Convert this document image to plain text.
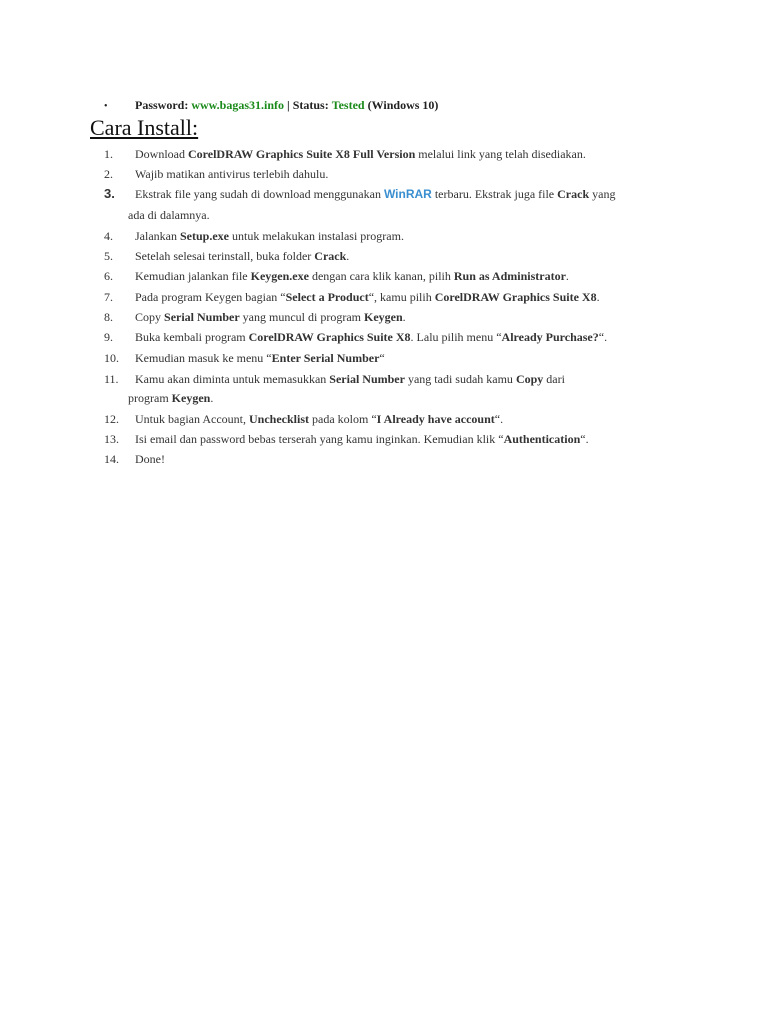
• Password: www.bagas31.info | Status: Tested (Windows 10)
Cara Install:
1. Download CorelDRAW Graphics Suite X8 Full Version melalui link yang telah disediakan.
2. Wajib matikan antivirus terlebih dahulu.
3. Ekstrak file yang sudah di download menggunakan WinRAR terbaru. Ekstrak juga file Crack yang
ada di dalamnya.
4. Jalankan Setup.exe untuk melakukan instalasi program.
5. Setelah selesai terinstall, buka folder Crack.
6. Kemudian jalankan file Keygen.exe dengan cara klik kanan, pilih Run as Administrator.
7. Pada program Keygen bagian “Select a Product“, kamu pilih CorelDRAW Graphics Suite X8.
8. Copy Serial Number yang muncul di program Keygen.
9. Buka kembali program CorelDRAW Graphics Suite X8. Lalu pilih menu “Already Purchase?“.
10. Kemudian masuk ke menu “Enter Serial Number“
11. Kamu akan diminta untuk memasukkan Serial Number yang tadi sudah kamu Copy dari
program Keygen.
12. Untuk bagian Account, Unchecklist pada kolom “I Already have account“.
13. Isi email dan password bebas terserah yang kamu inginkan. Kemudian klik “Authentication“.
14. Done!
